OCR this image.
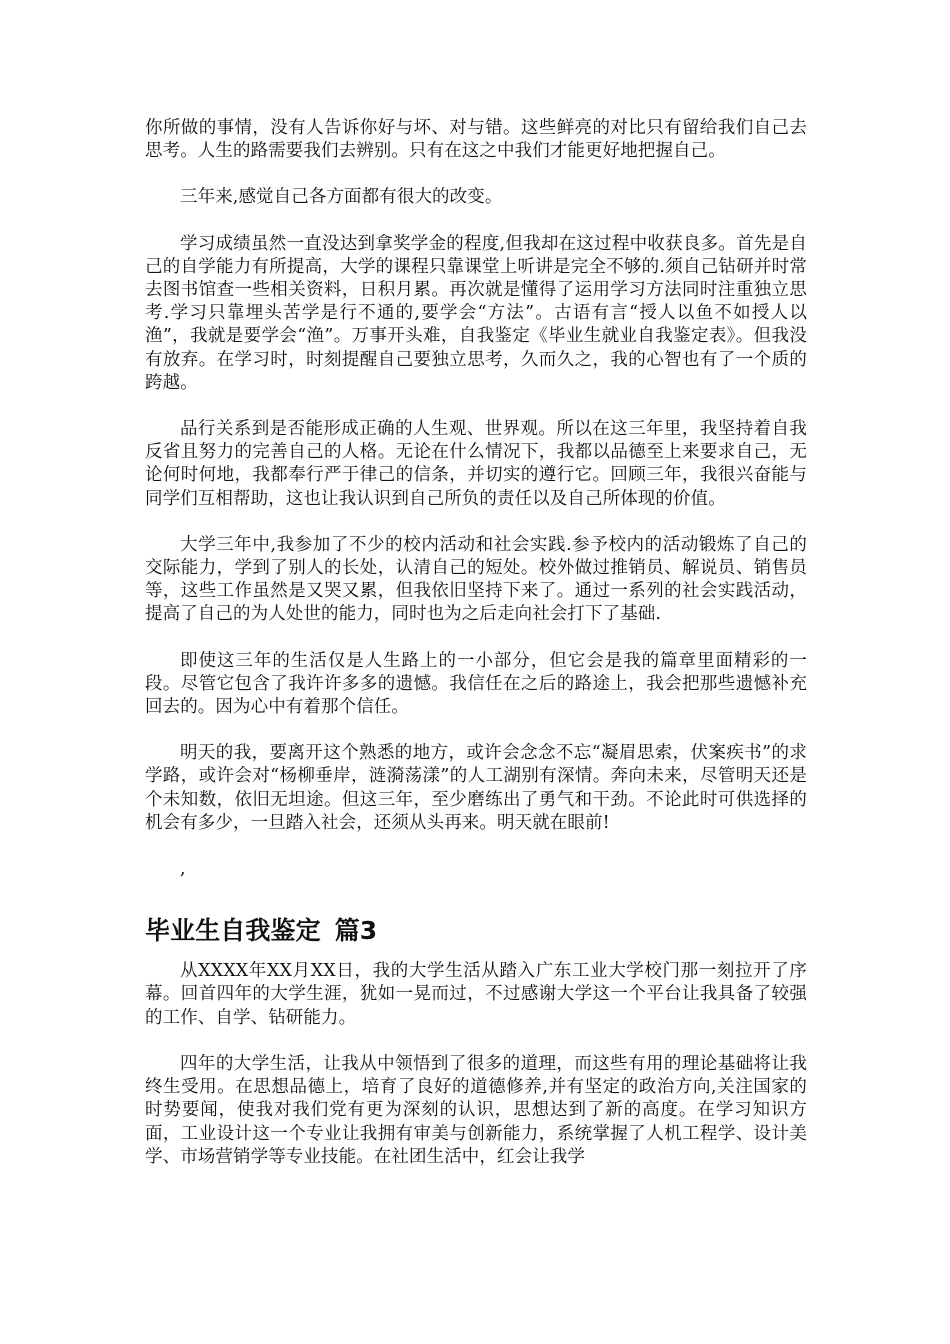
你所做的事情，没有人告诉你好与坏、对与错。这些鲜亮的对比只有留给我们自己去思考。人生的路需要我们去辨别。只有在这之中我们才能更好地把握自己。

三年来,感觉自己各方面都有很大的改变。

学习成绩虽然一直没达到拿奖学金的程度,但我却在这过程中收获良多。首先是自己的自学能力有所提高，大学的课程只靠课堂上听讲是完全不够的.须自己钻研并时常去图书馆查一些相关资料，日积月累。再次就是懂得了运用学习方法同时注重独立思考.学习只靠埋头苦学是行不通的,要学会“方法”。古语有言“授人以鱼不如授人以渔”，我就是要学会“渔”。万事开头难，自我鉴定《毕业生就业自我鉴定表》。但我没有放弃。在学习时，时刻提醒自己要独立思考，久而久之，我的心智也有了一个质的跨越。

品行关系到是否能形成正确的人生观、世界观。所以在这三年里，我坚持着自我反省且努力的完善自己的人格。无论在什么情况下，我都以品德至上来要求自己，无论何时何地，我都奉行严于律己的信条，并切实的遵行它。回顾三年，我很兴奋能与同学们互相帮助，这也让我认识到自己所负的责任以及自己所体现的价值。

大学三年中,我参加了不少的校内活动和社会实践.参予校内的活动锻炼了自己的交际能力，学到了别人的长处，认清自己的短处。校外做过推销员、解说员、销售员等，这些工作虽然是又哭又累，但我依旧坚持下来了。通过一系列的社会实践活动，提高了自己的为人处世的能力，同时也为之后走向社会打下了基础.

即使这三年的生活仅是人生路上的一小部分，但它会是我的篇章里面精彩的一段。尽管它包含了我许许多多的遗憾。我信任在之后的路途上，我会把那些遗憾补充回去的。因为心中有着那个信任。

明天的我，要离开这个熟悉的地方，或许会念念不忘“凝眉思索，伏案疾书”的求学路，或许会对“杨柳垂岸，涟漪荡漾”的人工湖别有深情。奔向未来，尽管明天还是个未知数，依旧无坦途。但这三年，至少磨练出了勇气和干劲。不论此时可供选择的机会有多少，一旦踏入社会，还须从头再来。明天就在眼前!

,

毕业生自我鉴定 篇3

从XXXX年XX月XX日，我的大学生活从踏入广东工业大学校门那一刻拉开了序幕。回首四年的大学生涯，犹如一晃而过，不过感谢大学这一个平台让我具备了较强的工作、自学、钻研能力。

四年的大学生活，让我从中领悟到了很多的道理，而这些有用的理论基础将让我终生受用。在思想品德上，培育了良好的道德修养,并有坚定的政治方向,关注国家的时势要闻，使我对我们党有更为深刻的认识，思想达到了新的高度。在学习知识方面，工业设计这一个专业让我拥有审美与创新能力，系统掌握了人机工程学、设计美学、市场营销学等专业技能。在社团生活中，红会让我学
